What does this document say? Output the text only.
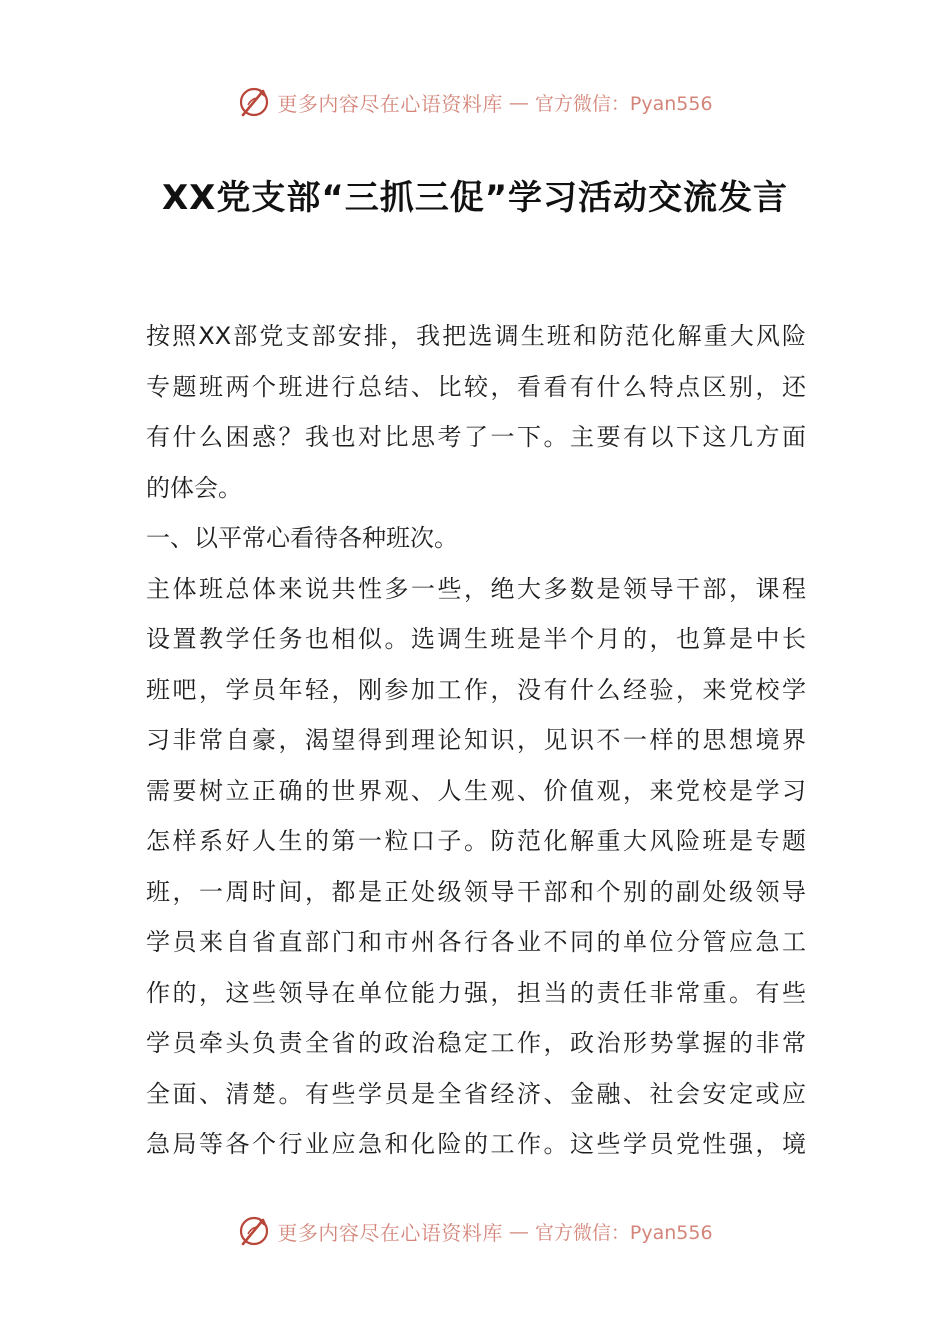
更多内容尽在心语资料库 — 官方微信：Pyan556
XX党支部“三抓三促”学习活动交流发言
按照XX部党支部安排，我把选调生班和防范化解重大风险
专题班两个班进行总结、比较，看看有什么特点区别，还
有什么困惑？我也对比思考了一下。主要有以下这几方面
的体会。
一、以平常心看待各种班次。
主体班总体来说共性多一些，绝大多数是领导干部，课程
设置教学任务也相似。选调生班是半个月的，也算是中长
班吧，学员年轻，刚参加工作，没有什么经验，来党校学
习非常自豪，渴望得到理论知识，见识不一样的思想境界
需要树立正确的世界观、人生观、价值观，来党校是学习
怎样系好人生的第一粒口子。防范化解重大风险班是专题
班，一周时间，都是正处级领导干部和个别的副处级领导
学员来自省直部门和市州各行各业不同的单位分管应急工
作的，这些领导在单位能力强，担当的责任非常重。有些
学员牵头负责全省的政治稳定工作，政治形势掌握的非常
全面、清楚。有些学员是全省经济、金融、社会安定或应
急局等各个行业应急和化险的工作。这些学员党性强，境
更多内容尽在心语资料库 — 官方微信：Pyan556
